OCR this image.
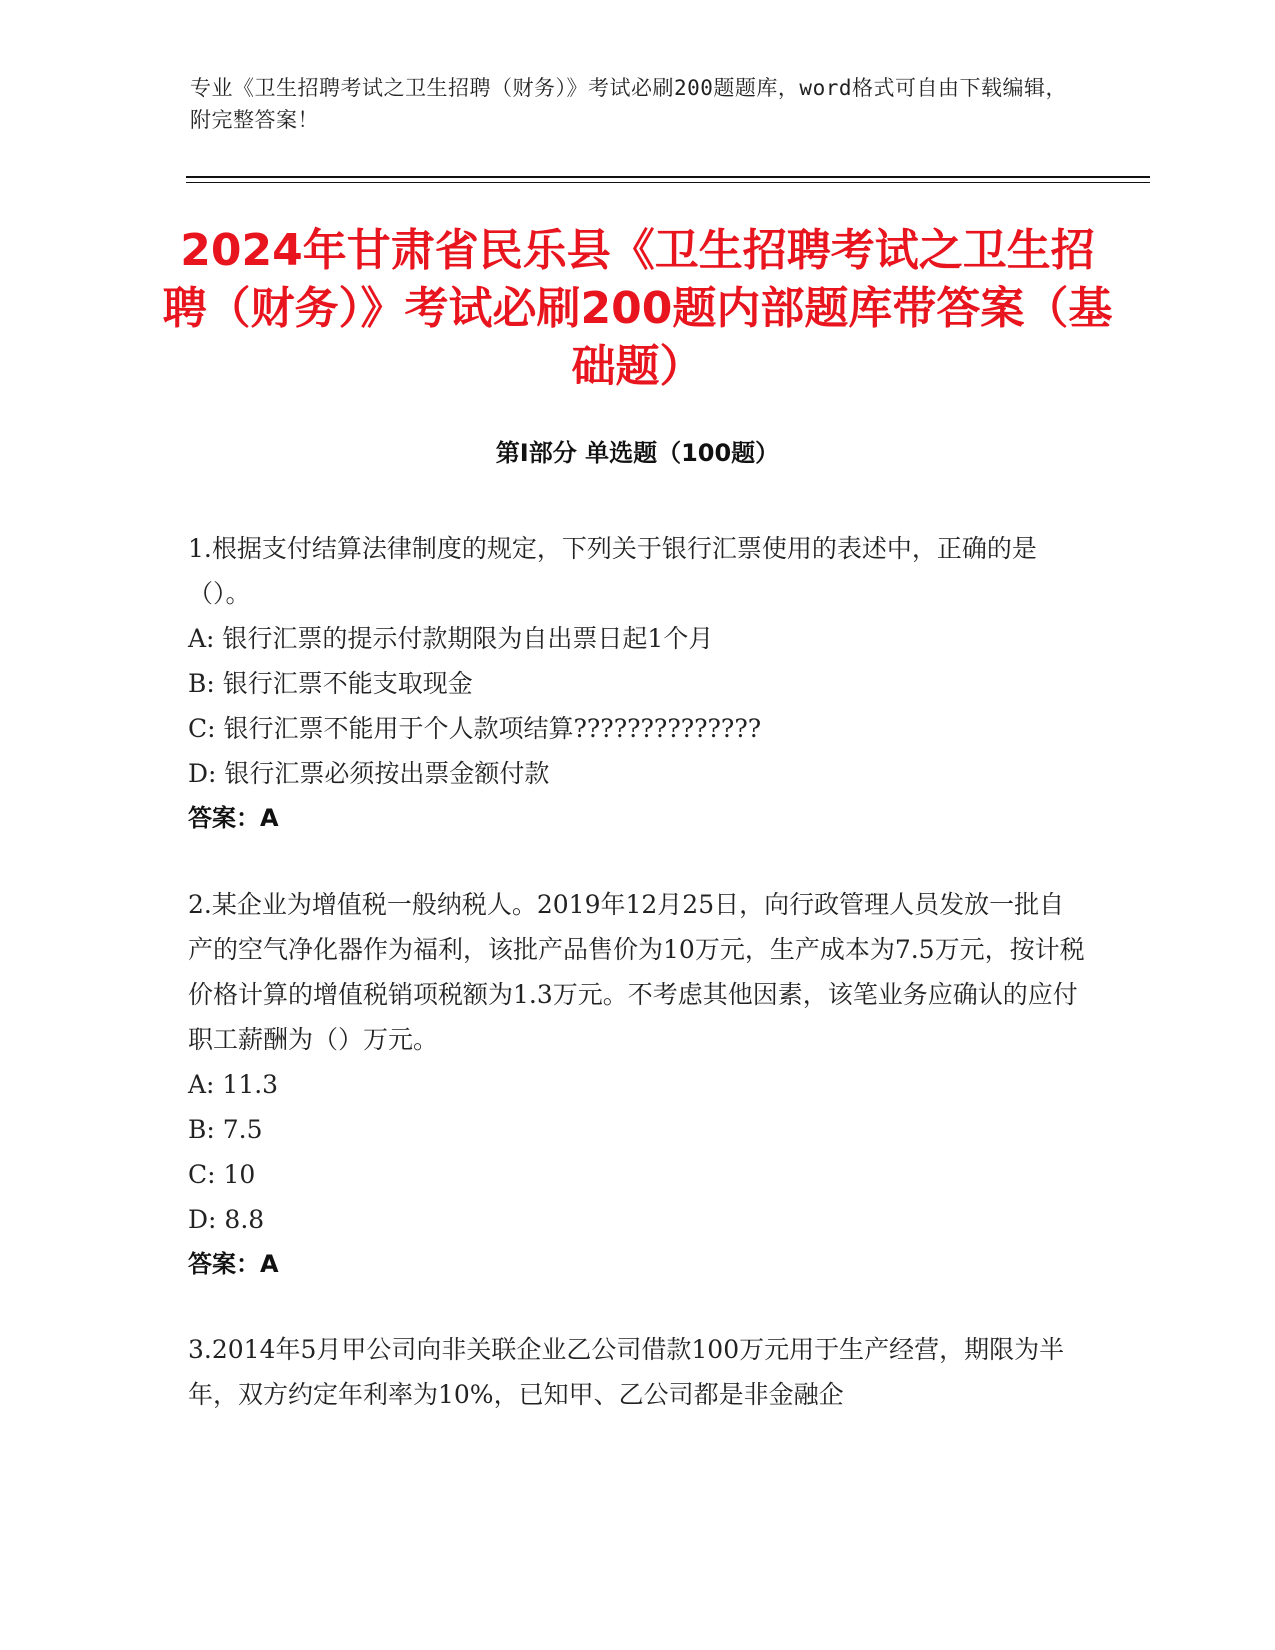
专业《卫生招聘考试之卫生招聘（财务）》考试必刷200题题库，word格式可自由下载编辑，附完整答案！
2024年甘肃省民乐县《卫生招聘考试之卫生招聘（财务）》考试必刷200题内部题库带答案（基础题）
第I部分 单选题（100题）

1.根据支付结算法律制度的规定，下列关于银行汇票使用的表述中，正确的是（）。

A: 银行汇票的提示付款期限为自出票日起1个月

B: 银行汇票不能支取现金

C: 银行汇票不能用于个人款项结算??????????????

D: 银行汇票必须按出票金额付款

答案：A

2.某企业为增值税一般纳税人。2019年12月25日，向行政管理人员发放一批自产的空气净化器作为福利，该批产品售价为10万元，生产成本为7.5万元，按计税价格计算的增值税销项税额为1.3万元。不考虑其他因素，该笔业务应确认的应付职工薪酬为（）万元。

A: 11.3

B: 7.5

C: 10

D: 8.8

答案：A

3.2014年5月甲公司向非关联企业乙公司借款100万元用于生产经营，期限为半年，双方约定年利率为10%，已知甲、乙公司都是非金融企
